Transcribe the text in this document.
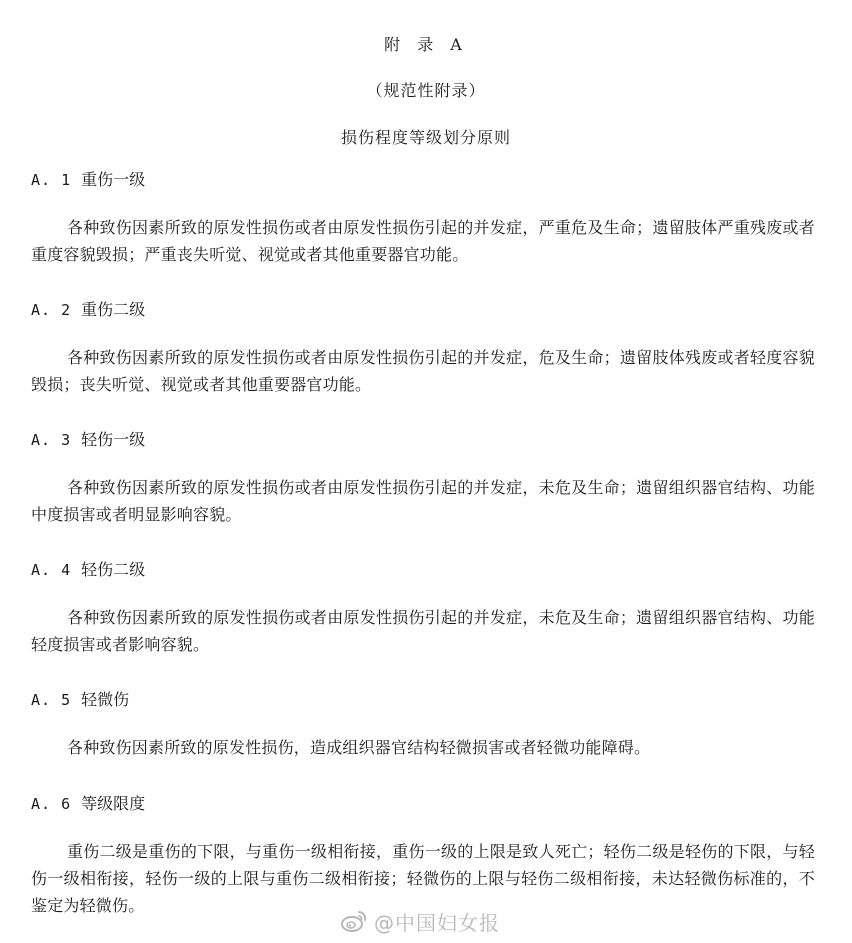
附 录 A
（规范性附录）
损伤程度等级划分原则
A. 1 重伤一级
各种致伤因素所致的原发性损伤或者由原发性损伤引起的并发症，严重危及生命；遗留肢体严重残废或者重度容貌毁损；严重丧失听觉、视觉或者其他重要器官功能。
A. 2 重伤二级
各种致伤因素所致的原发性损伤或者由原发性损伤引起的并发症，危及生命；遗留肢体残废或者轻度容貌毁损；丧失听觉、视觉或者其他重要器官功能。
A. 3 轻伤一级
各种致伤因素所致的原发性损伤或者由原发性损伤引起的并发症，未危及生命；遗留组织器官结构、功能中度损害或者明显影响容貌。
A. 4 轻伤二级
各种致伤因素所致的原发性损伤或者由原发性损伤引起的并发症，未危及生命；遗留组织器官结构、功能轻度损害或者影响容貌。
A. 5 轻微伤
各种致伤因素所致的原发性损伤，造成组织器官结构轻微损害或者轻微功能障碍。
A. 6 等级限度
重伤二级是重伤的下限，与重伤一级相衔接，重伤一级的上限是致人死亡；轻伤二级是轻伤的下限，与轻伤一级相衔接，轻伤一级的上限与重伤二级相衔接；轻微伤的上限与轻伤二级相衔接，未达轻微伤标准的，不鉴定为轻微伤。
@中国妇女报
